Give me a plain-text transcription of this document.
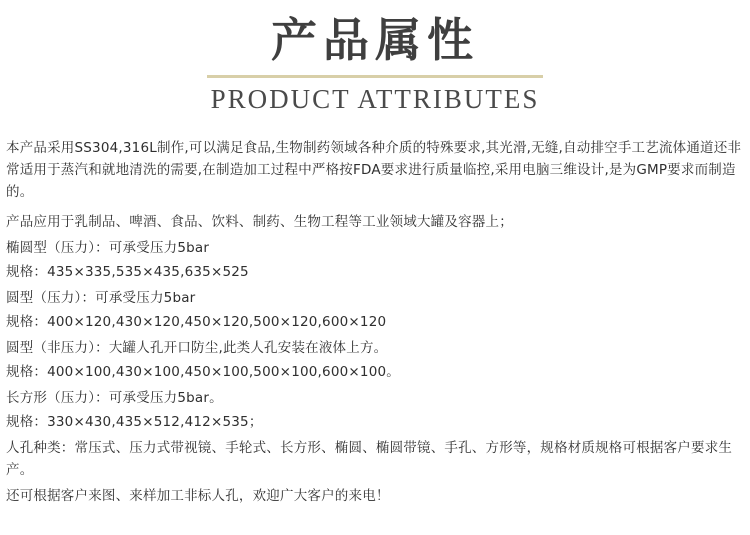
产品属性
PRODUCT ATTRIBUTES

本产品采用SS304,316L制作,可以满足食品,生物制药领域各种介质的特殊要求,其光滑,无缝,自动排空手工艺流体通道还非常适用于蒸汽和就地清洗的需要,在制造加工过程中严格按FDA要求进行质量临控,采用电脑三维设计,是为GMP要求而制造的。

产品应用于乳制品、啤酒、食品、饮料、制药、生物工程等工业领域大罐及容器上；

椭圆型（压力）：可承受压力5bar

规格：435×335,535×435,635×525

圆型（压力）：可承受压力5bar

规格：400×120,430×120,450×120,500×120,600×120

圆型（非压力）：大罐人孔开口防尘,此类人孔安装在液体上方。

规格：400×100,430×100,450×100,500×100,600×100。

长方形（压力）：可承受压力5bar。

规格：330×430,435×512,412×535；

人孔种类：常压式、压力式带视镜、手轮式、长方形、椭圆、椭圆带镜、手孔、方形等，规格材质规格可根据客户要求生产。

还可根据客户来图、来样加工非标人孔，欢迎广大客户的来电！
